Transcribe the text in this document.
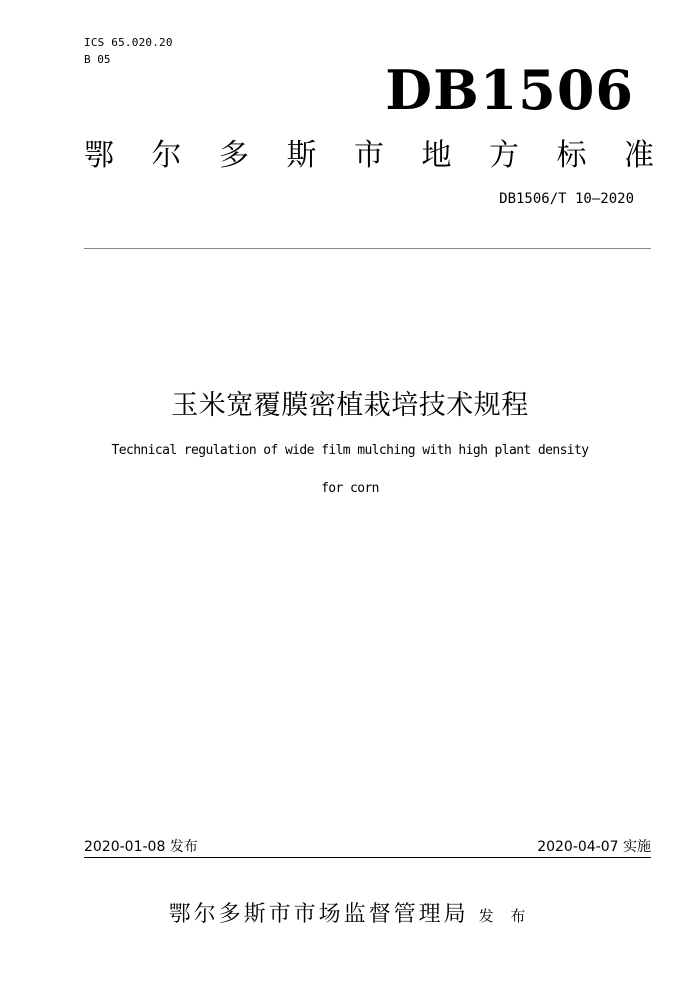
ICS 65.020.20
B 05	DB1506
鄂 尔 多 斯 市 地 方 标 准
DB1506/T 10—2020
玉米宽覆膜密植栽培技术规程
Technical regulation of wide film mulching with high plant density
for corn
2020-01-08 发布	2020-04-07 实施
鄂尔多斯市市场监督管理局 发 布
